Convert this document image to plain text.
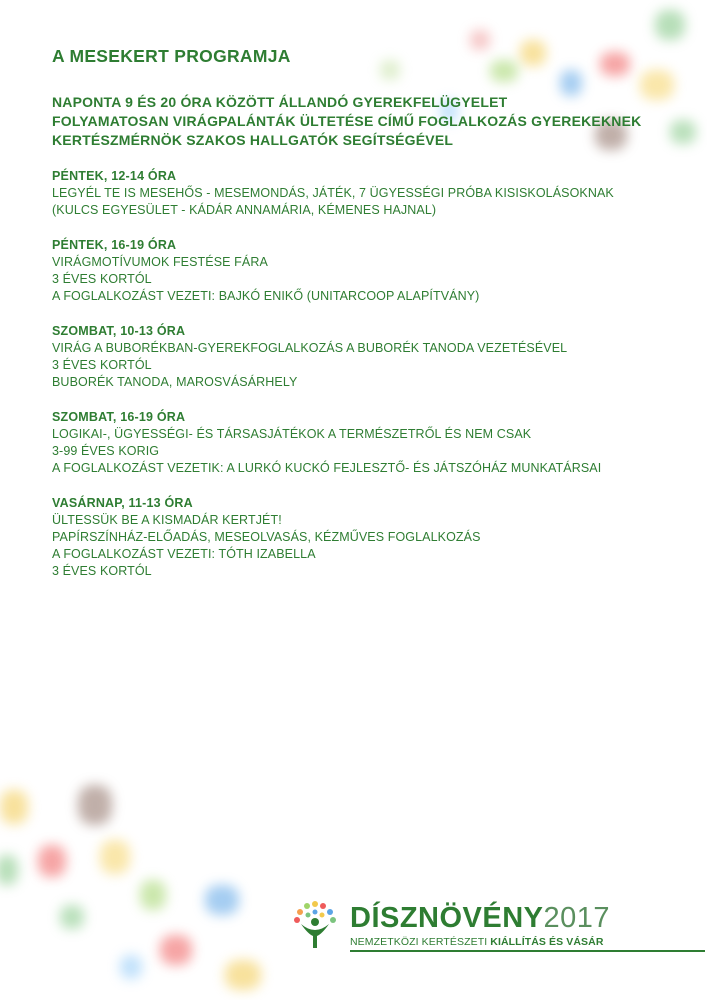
A MESEKERT PROGRAMJA
NAPONTA 9 ÉS 20 ÓRA KÖZÖTT ÁLLANDÓ GYEREKFELÜGYELET
FOLYAMATOSAN VIRÁGPALÁNTÁK ÜLTETÉSE CÍMŰ FOGLALKOZÁS GYEREKEKNEK
KERTÉSZMÉRNÖK SZAKOS HALLGATÓK SEGÍTSÉGÉVEL
PÉNTEK, 12-14 ÓRA
LEGYÉL TE IS MESEHŐS - MESEMONDÁS, JÁTÉK, 7 ÜGYESSÉGI PRÓBA KISISKOLÁSOKNAK
(KULCS EGYESÜLET - KÁDÁR ANNAMÁRIA, KÉMENES HAJNAL)
PÉNTEK, 16-19 ÓRA
VIRÁGMOTÍVUMOK FESTÉSE FÁRA
3 ÉVES KORTÓL
A FOGLALKOZÁST VEZETI: BAJKÓ ENIKŐ (UNITARCOOP ALAPÍTVÁNY)
SZOMBAT, 10-13 ÓRA
VIRÁG A BUBORÉKBAN-GYEREKFOGLALKOZÁS A BUBORÉK TANODA VEZETÉSÉVEL
3 ÉVES KORTÓL
BUBORÉK TANODA, MAROSVÁSÁRHELY
SZOMBAT, 16-19 ÓRA
LOGIKAI-, ÜGYESSÉGI- ÉS TÁRSASJÁTÉKOK A TERMÉSZETRŐL ÉS NEM CSAK
3-99 ÉVES KORIG
A FOGLALKOZÁST VEZETIK: A LURKÓ KUCKÓ FEJLESZTŐ- ÉS JÁTSZÓHÁZ MUNKATÁRSAI
VASÁRNAP, 11-13 ÓRA
ÜLTESSÜK BE A KISMADÁR KERTJÉT!
PAPÍRSZÍNHÁZ-ELŐADÁS, MESEOLVASÁS, KÉZMŰVES FOGLALKOZÁS
A FOGLALKOZÁST VEZETI: TÓTH IZABELLA
3 ÉVES KORTÓL
DÍSZNÖVÉNY2017
NEMZETKÖZI KERTÉSZETI KIÁLLÍTÁS ÉS VÁSÁR
